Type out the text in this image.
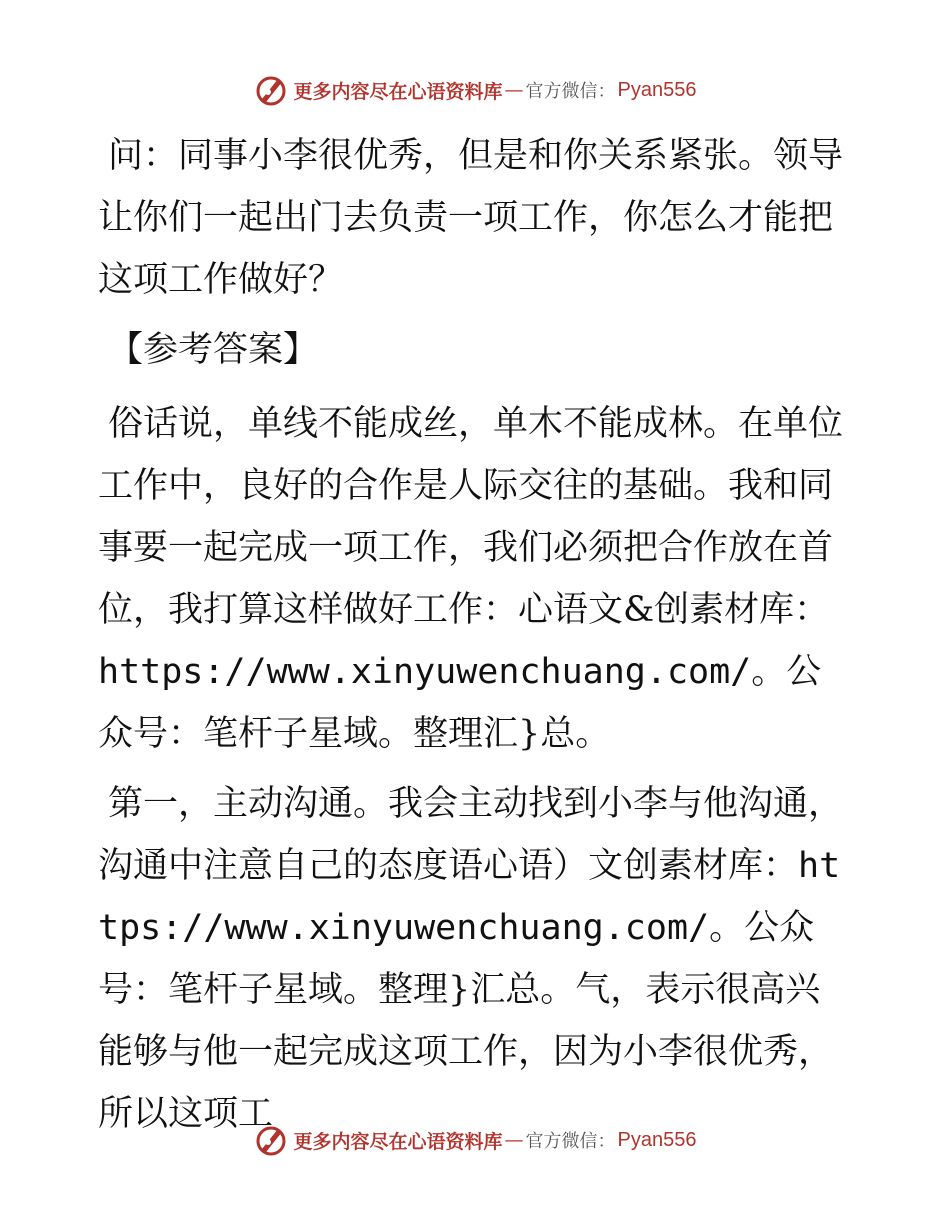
更多内容尽在心语资料库 — 官方微信： Pyan556

问：同事小李很优秀，但是和你关系紧张。领导让你们一起出门去负责一项工作，你怎么才能把这项工作做好？

【参考答案】

俗话说，单线不能成丝，单木不能成林。在单位工作中，良好的合作是人际交往的基础。我和同事要一起完成一项工作，我们必须把合作放在首位，我打算这样做好工作：心语文&创素材库：https://www.xinyuwenchuang.com/。公众号：笔杆子星域。整理汇}总。

第一，主动沟通。我会主动找到小李与他沟通，沟通中注意自己的态度语心语）文创素材库：https://www.xinyuwenchuang.com/。公众号：笔杆子星域。整理}汇总。气，表示很高兴能够与他一起完成这项工作，因为小李很优秀，所以这项工

更多内容尽在心语资料库 — 官方微信： Pyan556
